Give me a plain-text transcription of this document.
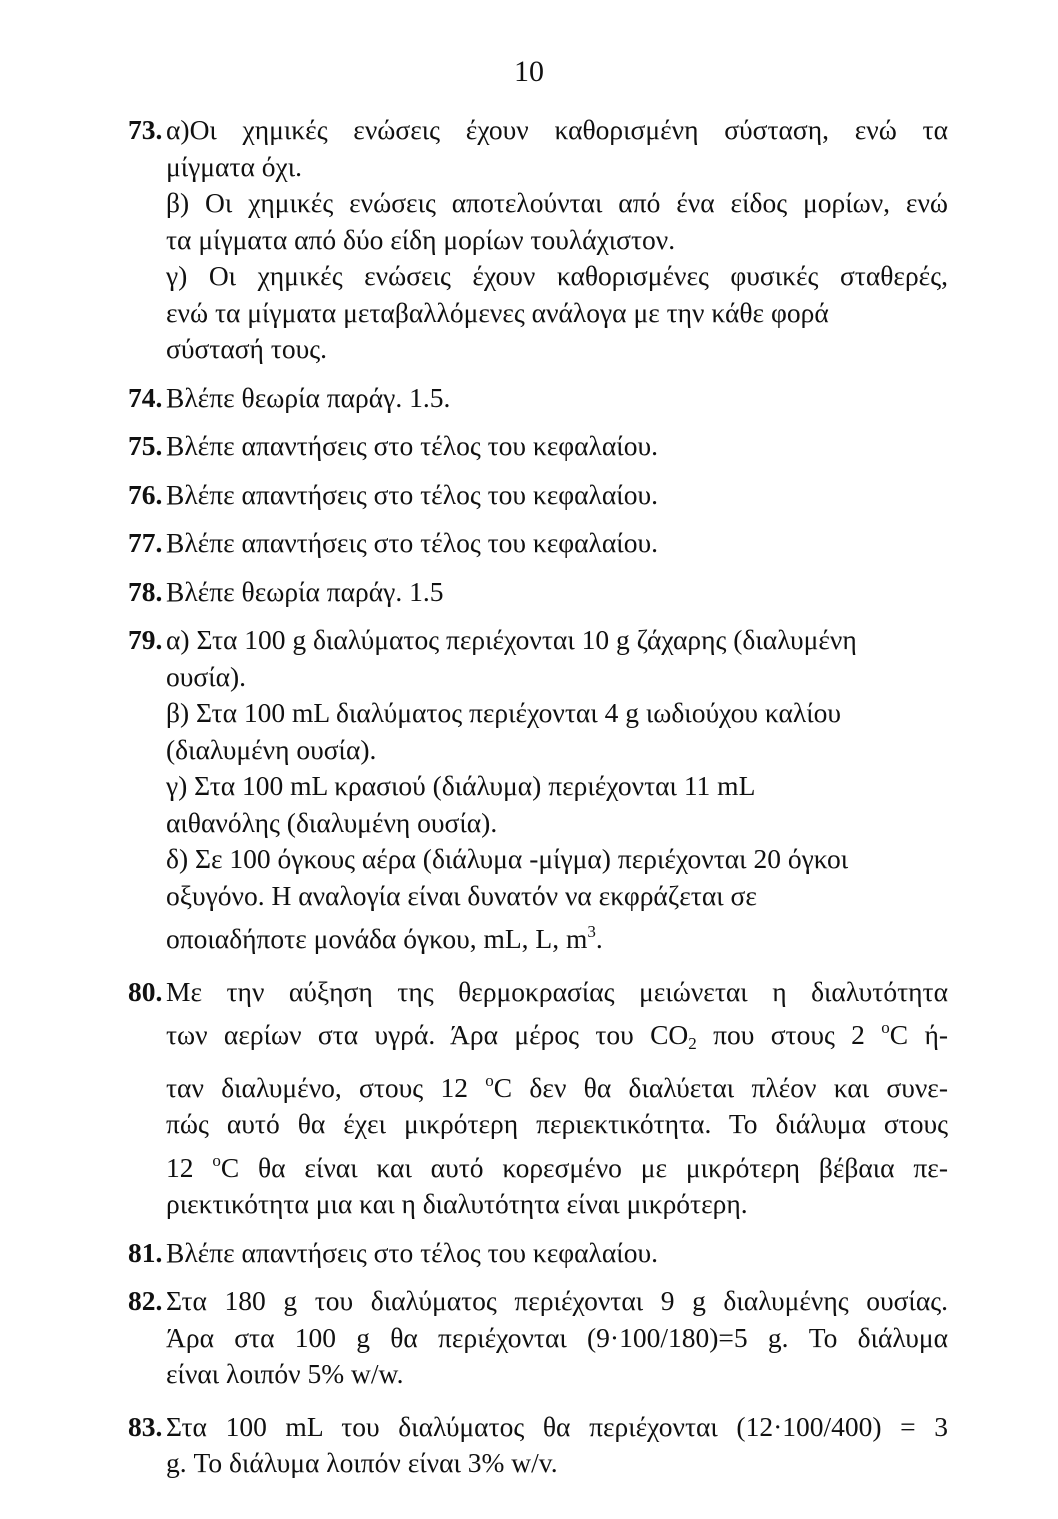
10
73. α)Οι χημικές ενώσεις έχουν καθορισμένη σύσταση, ενώ τα

μίγματα όχι.

β) Οι χημικές ενώσεις αποτελούνται από ένα είδος μορίων, ενώ

τα μίγματα από δύο είδη μορίων τουλάχιστον.

γ) Οι χημικές ενώσεις έχουν καθορισμένες φυσικές σταθερές,

ενώ τα μίγματα μεταβαλλόμενες ανάλογα με την κάθε φορά

σύστασή τους.

74. Βλέπε θεωρία παράγ. 1.5.

75. Βλέπε απαντήσεις στο τέλος του κεφαλαίου.

76. Βλέπε απαντήσεις στο τέλος του κεφαλαίου.

77. Βλέπε απαντήσεις στο τέλος του κεφαλαίου.

78. Βλέπε θεωρία παράγ. 1.5

79. α) Στα 100 g διαλύματος περιέχονται 10 g ζάχαρης (διαλυμένη

ουσία).

β) Στα 100 mL διαλύματος περιέχονται 4 g ιωδιούχου καλίου

(διαλυμένη ουσία).

γ) Στα 100 mL κρασιού (διάλυμα) περιέχονται 11 mL

αιθανόλης (διαλυμένη ουσία).

δ) Σε 100 όγκους αέρα (διάλυμα -μίγμα) περιέχονται 20 όγκοι

οξυγόνο. Η αναλογία είναι δυνατόν να εκφράζεται σε

οποιαδήποτε μονάδα όγκου, mL, L, $m^3$.

80. Με την αύξηση της θερμοκρασίας μειώνεται η διαλυτότητα

των αερίων στα υγρά. Άρα μέρος του $CO_2$ που στους 2 $^o$C ή-

ταν διαλυμένο, στους 12 $^o$C δεν θα διαλύεται πλέον και συνε-

πώς αυτό θα έχει μικρότερη περιεκτικότητα. Το διάλυμα στους

12 $^o$C θα είναι και αυτό κορεσμένο με μικρότερη βέβαια πε-

ριεκτικότητα μια και η διαλυτότητα είναι μικρότερη.

81. Βλέπε απαντήσεις στο τέλος του κεφαλαίου.

82. Στα 180 g του διαλύματος περιέχονται 9 g διαλυμένης ουσίας.

Άρα στα 100 g θα περιέχονται (9·100/180)=5 g. Το διάλυμα

είναι λοιπόν 5% w/w.

83. Στα 100 mL του διαλύματος θα περιέχονται (12·100/400) = 3

g. Το διάλυμα λοιπόν είναι 3% w/v.
